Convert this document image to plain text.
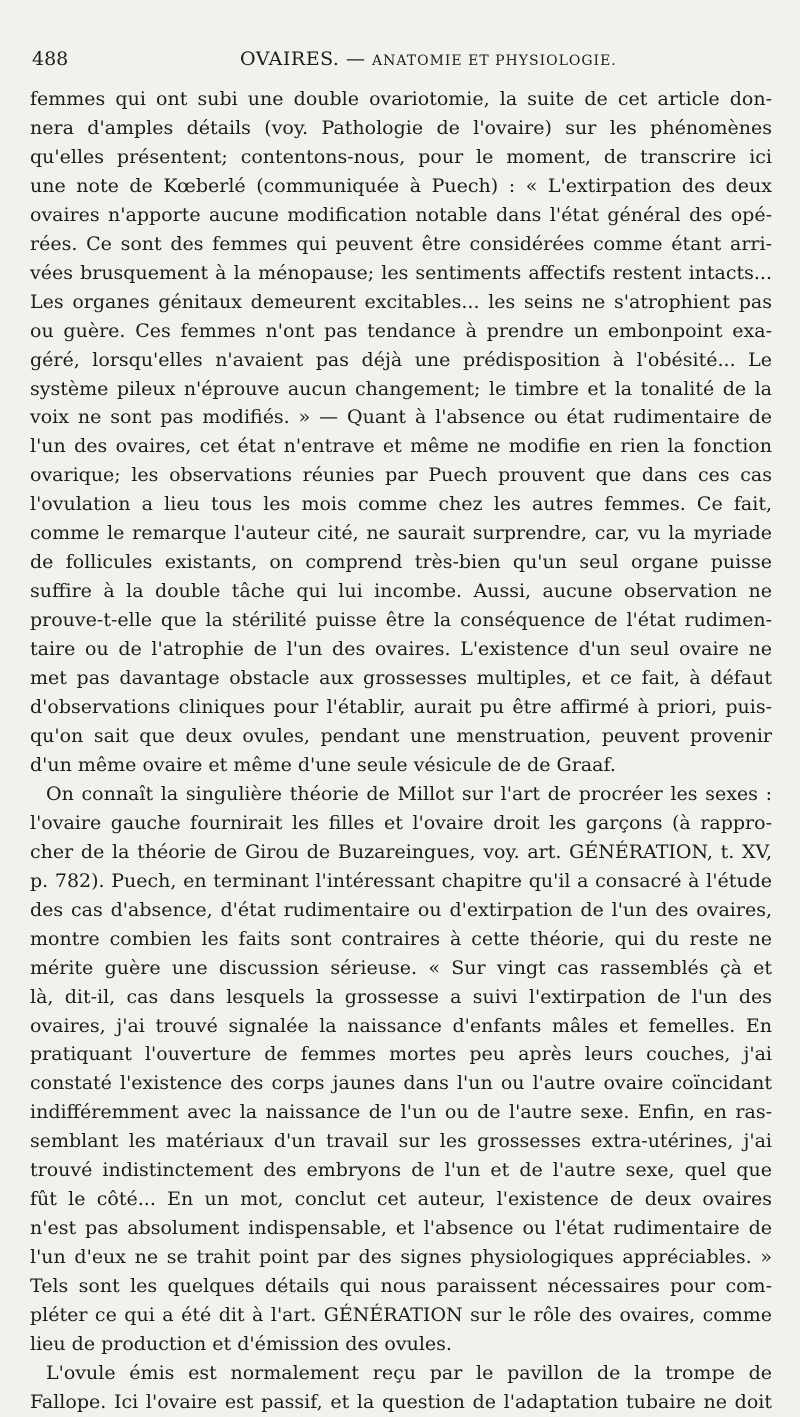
488	OVAIRES. — ANATOMIE ET PHYSIOLOGIE.
femmes qui ont subi une double ovariotomie, la suite de cet article don-
nera d'amples détails (voy. Pathologie de l'ovaire) sur les phénomènes
qu'elles présentent; contentons-nous, pour le moment, de transcrire ici
une note de Kœberlé (communiquée à Puech) : « L'extirpation des deux
ovaires n'apporte aucune modification notable dans l'état général des opé-
rées. Ce sont des femmes qui peuvent être considérées comme étant arri-
vées brusquement à la ménopause; les sentiments affectifs restent intacts...
Les organes génitaux demeurent excitables... les seins ne s'atrophient pas
ou guère. Ces femmes n'ont pas tendance à prendre un embonpoint exa-
géré, lorsqu'elles n'avaient pas déjà une prédisposition à l'obésité... Le
système pileux n'éprouve aucun changement; le timbre et la tonalité de la
voix ne sont pas modifiés. » — Quant à l'absence ou état rudimentaire de
l'un des ovaires, cet état n'entrave et même ne modifie en rien la fonction
ovarique; les observations réunies par Puech prouvent que dans ces cas
l'ovulation a lieu tous les mois comme chez les autres femmes. Ce fait,
comme le remarque l'auteur cité, ne saurait surprendre, car, vu la myriade
de follicules existants, on comprend très-bien qu'un seul organe puisse
suffire à la double tâche qui lui incombe. Aussi, aucune observation ne
prouve-t-elle que la stérilité puisse être la conséquence de l'état rudimen-
taire ou de l'atrophie de l'un des ovaires. L'existence d'un seul ovaire ne
met pas davantage obstacle aux grossesses multiples, et ce fait, à défaut
d'observations cliniques pour l'établir, aurait pu être affirmé à priori, puis-
qu'on sait que deux ovules, pendant une menstruation, peuvent provenir
d'un même ovaire et même d'une seule vésicule de de Graaf.
On connaît la singulière théorie de Millot sur l'art de procréer les sexes :
l'ovaire gauche fournirait les filles et l'ovaire droit les garçons (à rappro-
cher de la théorie de Girou de Buzareingues, voy. art. GÉNÉRATION, t. XV,
p. 782). Puech, en terminant l'intéressant chapitre qu'il a consacré à l'étude
des cas d'absence, d'état rudimentaire ou d'extirpation de l'un des ovaires,
montre combien les faits sont contraires à cette théorie, qui du reste ne
mérite guère une discussion sérieuse. « Sur vingt cas rassemblés çà et
là, dit-il, cas dans lesquels la grossesse a suivi l'extirpation de l'un des
ovaires, j'ai trouvé signalée la naissance d'enfants mâles et femelles. En
pratiquant l'ouverture de femmes mortes peu après leurs couches, j'ai
constaté l'existence des corps jaunes dans l'un ou l'autre ovaire coïncidant
indifféremment avec la naissance de l'un ou de l'autre sexe. Enfin, en ras-
semblant les matériaux d'un travail sur les grossesses extra-utérines, j'ai
trouvé indistinctement des embryons de l'un et de l'autre sexe, quel que
fût le côté... En un mot, conclut cet auteur, l'existence de deux ovaires
n'est pas absolument indispensable, et l'absence ou l'état rudimentaire de
l'un d'eux ne se trahit point par des signes physiologiques appréciables. »
Tels sont les quelques détails qui nous paraissent nécessaires pour com-
pléter ce qui a été dit à l'art. GÉNÉRATION sur le rôle des ovaires, comme
lieu de production et d'émission des ovules.
L'ovule émis est normalement reçu par le pavillon de la trompe de
Fallope. Ici l'ovaire est passif, et la question de l'adaptation tubaire ne doit
